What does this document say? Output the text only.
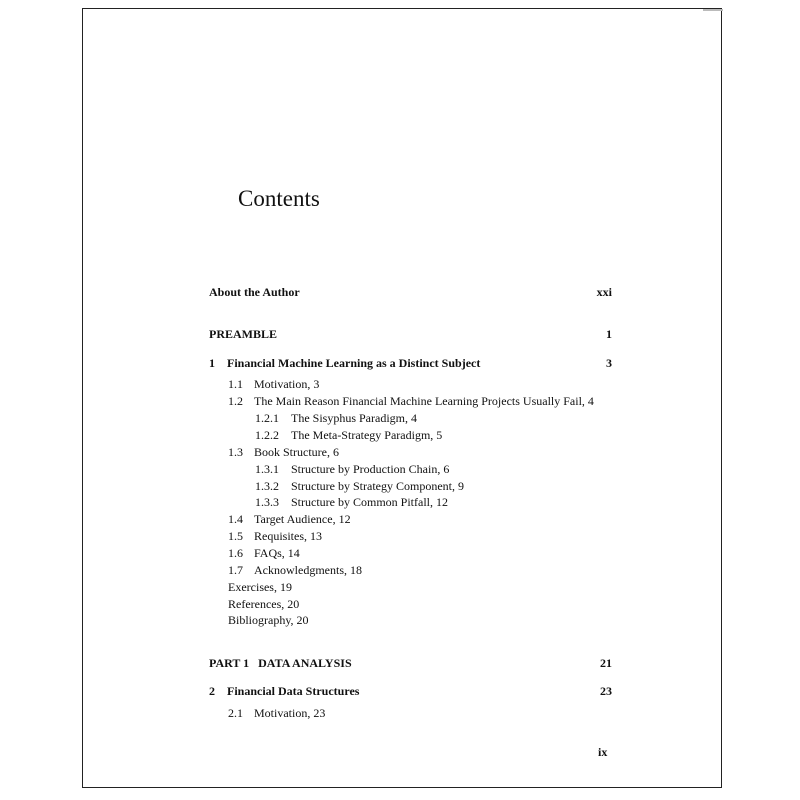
Contents
About the Author	xxi
PREAMBLE	1
1 Financial Machine Learning as a Distinct Subject	3
1.1 Motivation, 3
1.2 The Main Reason Financial Machine Learning Projects Usually Fail, 4
1.2.1 The Sisyphus Paradigm, 4
1.2.2 The Meta-Strategy Paradigm, 5
1.3 Book Structure, 6
1.3.1 Structure by Production Chain, 6
1.3.2 Structure by Strategy Component, 9
1.3.3 Structure by Common Pitfall, 12
1.4 Target Audience, 12
1.5 Requisites, 13
1.6 FAQs, 14
1.7 Acknowledgments, 18
Exercises, 19
References, 20
Bibliography, 20
PART 1   DATA ANALYSIS	21
2 Financial Data Structures	23
2.1 Motivation, 23
ix
